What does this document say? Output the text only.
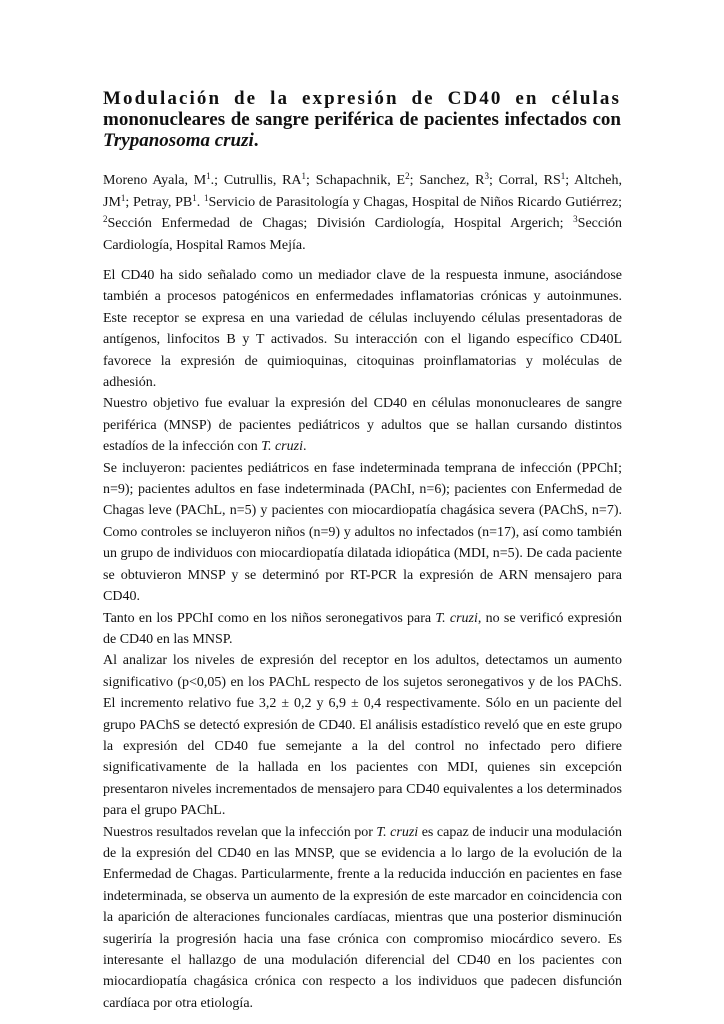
Modulación de la expresión de CD40 en células mononucleares de sangre periférica de pacientes infectados con Trypanosoma cruzi.

Moreno Ayala, $M^1$.; Cutrullis, $RA^1$; Schapachnik, $E^2$; Sanchez, $R^3$; Corral, $RS^1$; Altcheh, $JM^1$; Petray, $PB^1$. $^1$Servicio de Parasitología y Chagas, Hospital de Niños Ricardo Gutiérrez; $^2$Sección Enfermedad de Chagas; División Cardiología, Hospital Argerich; $^3$Sección Cardiología, Hospital Ramos Mejía.

El CD40 ha sido señalado como un mediador clave de la respuesta inmune, asociándose también a procesos patogénicos en enfermedades inflamatorias crónicas y autoinmunes. Este receptor se expresa en una variedad de células incluyendo células presentadoras de antígenos, linfocitos B y T activados. Su interacción con el ligando específico CD40L favorece la expresión de quimioquinas, citoquinas proinflamatorias y moléculas de adhesión.

Nuestro objetivo fue evaluar la expresión del CD40 en células mononucleares de sangre periférica (MNSP) de pacientes pediátricos y adultos que se hallan cursando distintos estadíos de la infección con T. cruzi.

Se incluyeron: pacientes pediátricos en fase indeterminada temprana de infección (PPChI; n=9); pacientes adultos en fase indeterminada (PAChI, n=6); pacientes con Enfermedad de Chagas leve (PAChL, n=5) y pacientes con miocardiopatía chagásica severa (PAChS, n=7). Como controles se incluyeron niños (n=9) y adultos no infectados (n=17), así como también un grupo de individuos con miocardiopatía dilatada idiopática (MDI, n=5). De cada paciente se obtuvieron MNSP y se determinó por RT-PCR la expresión de ARN mensajero para CD40.

Tanto en los PPChI como en los niños seronegativos para T. cruzi, no se verificó expresión de CD40 en las MNSP.

Al analizar los niveles de expresión del receptor en los adultos, detectamos un aumento significativo (p<0,05) en los PAChL respecto de los sujetos seronegativos y de los PAChS. El incremento relativo fue 3,2 ± 0,2 y 6,9 ± 0,4 respectivamente. Sólo en un paciente del grupo PAChS se detectó expresión de CD40. El análisis estadístico reveló que en este grupo la expresión del CD40 fue semejante a la del control no infectado pero difiere significativamente de la hallada en los pacientes con MDI, quienes sin excepción presentaron niveles incrementados de mensajero para CD40 equivalentes a los determinados para el grupo PAChL.

Nuestros resultados revelan que la infección por T. cruzi es capaz de inducir una modulación de la expresión del CD40 en las MNSP, que se evidencia a lo largo de la evolución de la Enfermedad de Chagas. Particularmente, frente a la reducida inducción en pacientes en fase indeterminada, se observa un aumento de la expresión de este marcador en coincidencia con la aparición de alteraciones funcionales cardíacas, mientras que una posterior disminución sugeriría la progresión hacia una fase crónica con compromiso miocárdico severo. Es interesante el hallazgo de una modulación diferencial del CD40 en los pacientes con miocardiopatía chagásica crónica con respecto a los individuos que padecen disfunción cardíaca por otra etiología.
